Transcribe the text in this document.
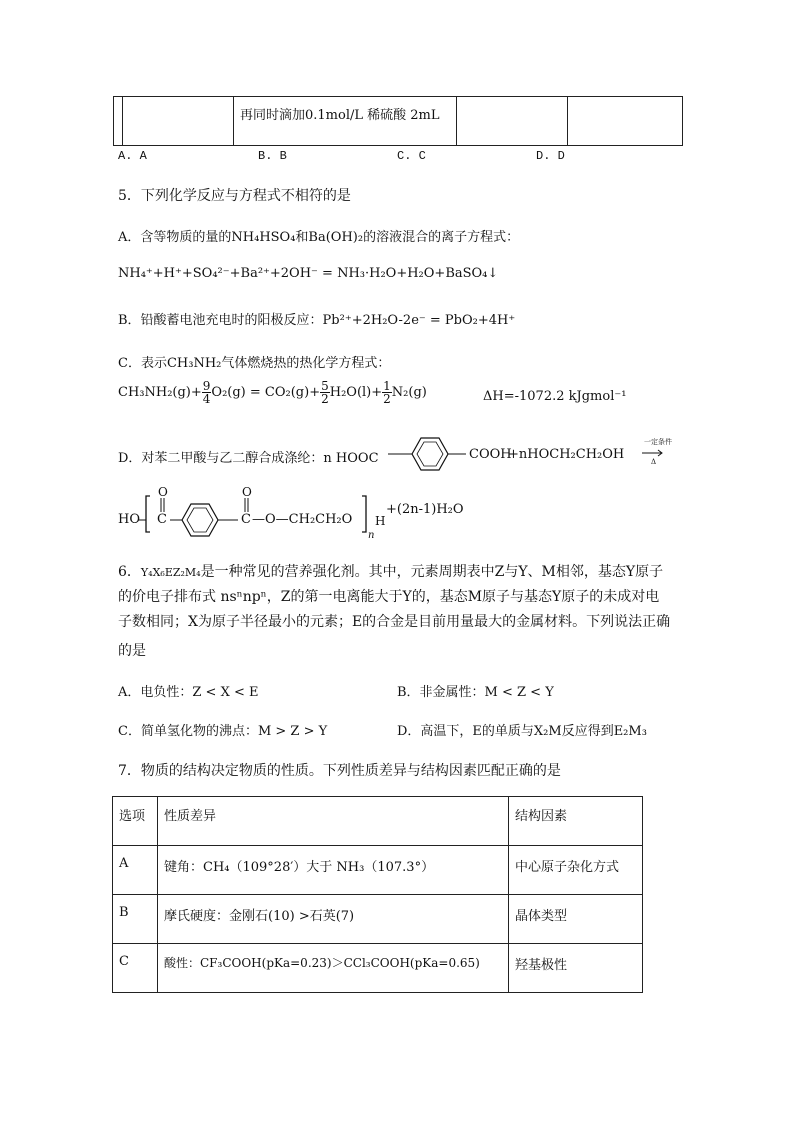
再同时滴加0.1mol/L 稀硫酸 2mL

A. A	B. B	C. C	D. D
5．下列化学反应与方程式不相符的是
A．含等物质的量的NH₄HSO₄和Ba(OH)₂的溶液混合的离子方程式：
NH₄⁺+H⁺+SO₄²⁻+Ba²⁺+2OH⁻ = NH₃·H₂O+H₂O+BaSO₄↓
B．铅酸蓄电池充电时的阳极反应：Pb²⁺+2H₂O-2e⁻ = PbO₂+4H⁺
C．表示CH₃NH₂气体燃烧热的热化学方程式：
$CH_3NH_2(g)+ \frac{9}{4} O_2(g) = CO_2(g)+ \frac{5}{2} H_2O(l)+ \frac{1}{2} N_2(g)$	ΔH=-1072.2 kJgmol⁻¹
D．对苯二甲酸与乙二醇合成涤纶：n HOOC	COOH
+nHOCH₂CH₂OH
一定条件
Δ
HO
O
C
O
C —O—CH₂CH₂O
n
H
+(2n-1)H₂O
6．Y₄X₆EZ₂M₄是一种常见的营养强化剂。其中，元素周期表中Z与Y、M相邻，基态Y原子
的价电子排布式 nsⁿnpⁿ，Z的第一电离能大于Y的，基态M原子与基态Y原子的未成对电
子数相同；X为原子半径最小的元素；E的合金是目前用量最大的金属材料。下列说法正确
的是
A．电负性：Z < X < E	B．非金属性：M < Z < Y
C．简单氢化物的沸点：M > Z > Y	D．高温下，E的单质与X₂M反应得到E₂M₃
7．物质的结构决定物质的性质。下列性质差异与结构因素匹配正确的是
选项	性质差异	结构因素

A	键角：CH₄（109°28′）大于 NH₃（107.3°）	中心原子杂化方式

B	摩氏硬度：金刚石(10) >石英(7)	晶体类型

C	酸性：CF₃COOH(pKa=0.23)＞CCl₃COOH(pKa=0.65)	羟基极性
